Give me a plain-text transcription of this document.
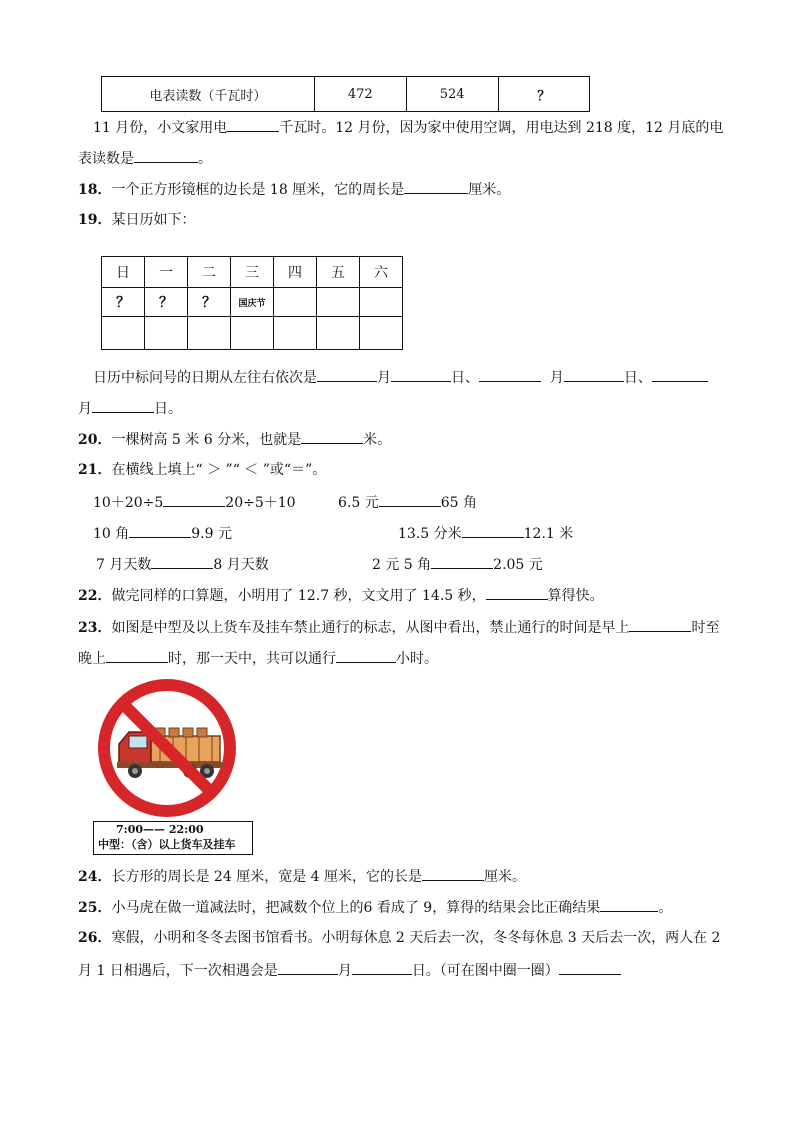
电表读数（千瓦时）	472	524	？
11 月份，小文家用电	千瓦时。12 月份，因为家中使用空调，用电达到 218 度，12 月底的电
表读数是	。
18．一个正方形镜框的边长是 18 厘米，它的周长是	厘米。
19．某日历如下：
日	一	二	三	四	五	六
？	？	？	国庆节			

日历中标问号的日期从左往右依次是	月	日、	月	日、
月	日。
20．一棵树高 5 米 6 分米，也就是	米。
21．在横线上填上“ ＞ ”“ ＜ ”或“＝”。
10＋20÷5	20÷5＋10	6.5 元	65 角
10 角	9.9 元	13.5 分米	12.1 米
7 月天数	8 月天数	2 元 5 角	2.05 元
22．做完同样的口算题，小明用了 12.7 秒，文文用了 14.5 秒，	算得快。
23．如图是中型及以上货车及挂车禁止通行的标志，从图中看出，禁止通行的时间是早上	时至
晚上	时，那一天中，共可以通行	小时。
7:00—— 22:00
中型：（含）以上货车及挂车
24．长方形的周长是 24 厘米，宽是 4 厘米，它的长是	厘米。
25．小马虎在做一道减法时，把减数个位上的6 看成了 9，算得的结果会比正确结果	。
26．寒假，小明和冬冬去图书馆看书。小明每休息 2 天后去一次，冬冬每休息 3 天后去一次，两人在 2
月 1 日相遇后，下一次相遇会是	月	日。（可在图中圈一圈）
